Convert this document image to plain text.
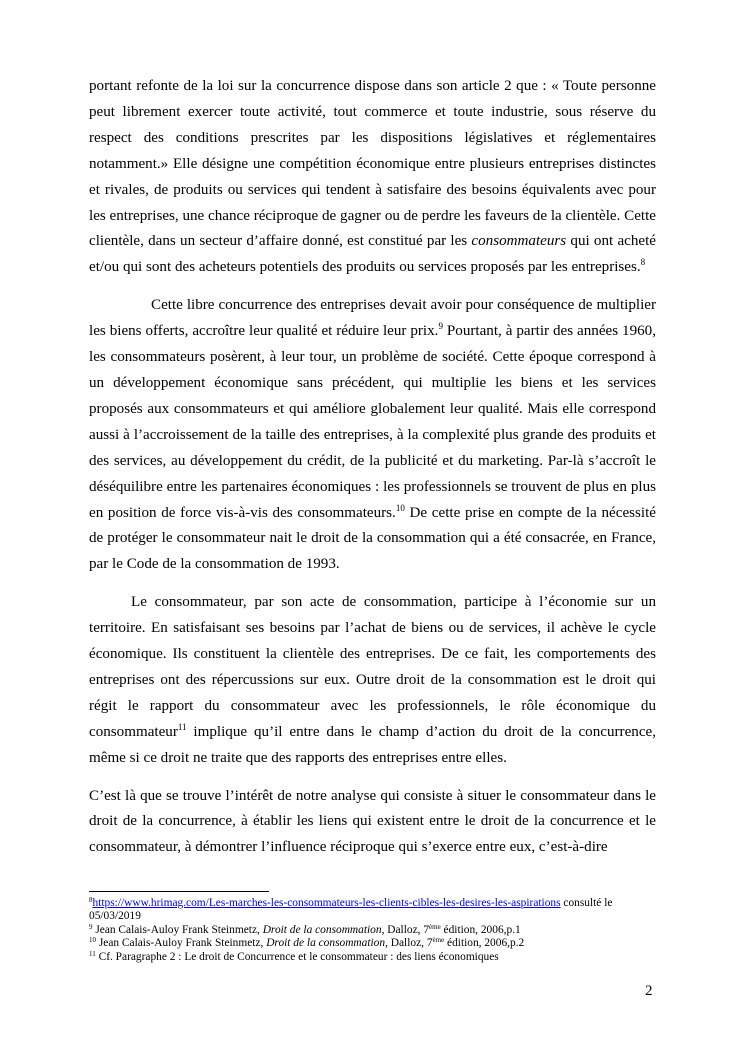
portant refonte de la loi sur la concurrence dispose dans son article 2 que : « Toute personne peut librement exercer toute activité, tout commerce et toute industrie, sous réserve du respect des conditions prescrites par les dispositions législatives et réglementaires notamment.» Elle désigne une compétition économique entre plusieurs entreprises distinctes et rivales, de produits ou services qui tendent à satisfaire des besoins équivalents avec pour les entreprises, une chance réciproque de gagner ou de perdre les faveurs de la clientèle. Cette clientèle, dans un secteur d’affaire donné, est constitué par les consommateurs qui ont acheté et/ou qui sont des acheteurs potentiels des produits ou services proposés par les entreprises.$^8$

Cette libre concurrence des entreprises devait avoir pour conséquence de multiplier les biens offerts, accroître leur qualité et réduire leur prix.$^9$ Pourtant, à partir des années 1960, les consommateurs posèrent, à leur tour, un problème de société. Cette époque correspond à un développement économique sans précédent, qui multiplie les biens et les services proposés aux consommateurs et qui améliore globalement leur qualité. Mais elle correspond aussi à l’accroissement de la taille des entreprises, à la complexité plus grande des produits et des services, au développement du crédit, de la publicité et du marketing. Par-là s’accroît le déséquilibre entre les partenaires économiques : les professionnels se trouvent de plus en plus en position de force vis-à-vis des consommateurs.$^{10}$ De cette prise en compte de la nécessité de protéger le consommateur nait le droit de la consommation qui a été consacrée, en France, par le Code de la consommation de 1993.

Le consommateur, par son acte de consommation, participe à l’économie sur un territoire. En satisfaisant ses besoins par l’achat de biens ou de services, il achève le cycle économique. Ils constituent la clientèle des entreprises. De ce fait, les comportements des entreprises ont des répercussions sur eux. Outre droit de la consommation est le droit qui régit le rapport du consommateur avec les professionnels, le rôle économique du consommateur$^{11}$ implique qu’il entre dans le champ d’action du droit de la concurrence, même si ce droit ne traite que des rapports des entreprises entre elles.

C’est là que se trouve l’intérêt de notre analyse qui consiste à situer le consommateur dans le droit de la concurrence, à établir les liens qui existent entre le droit de la concurrence et le consommateur, à démontrer l’influence réciproque qui s’exerce entre eux, c’est-à-dire

$^8$https://www.hrimag.com/Les-marches-les-consommateurs-les-clients-cibles-les-desires-les-aspirations consulté le 05/03/2019

$^9$ Jean Calais-Auloy Frank Steinmetz, Droit de la consommation, Dalloz, 7ème édition, 2006,p.1

$^{10}$ Jean Calais-Auloy Frank Steinmetz, Droit de la consommation, Dalloz, 7ème édition, 2006,p.2

$^{11}$ Cf. Paragraphe 2 : Le droit de Concurrence et le consommateur : des liens économiques

2
